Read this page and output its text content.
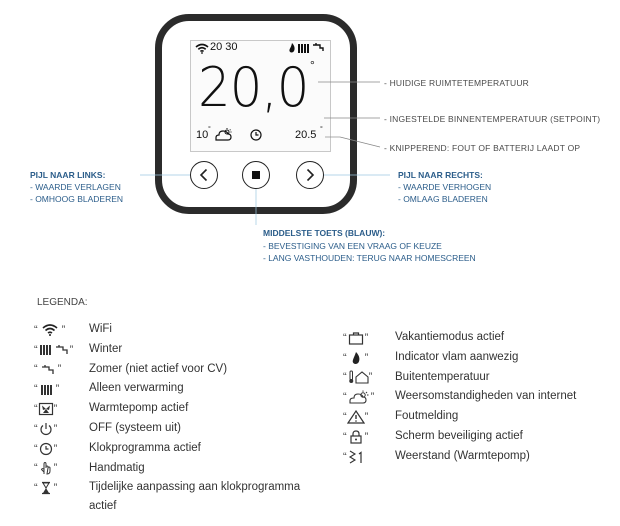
20 30
20,0 °
10 °	20.5 °
- HUIDIGE RUIMTETEMPERATUUR
- INGESTELDE BINNENTEMPERATUUR (SETPOINT)
- KNIPPEREND: FOUT OF BATTERIJ LAADT OP
PIJL NAAR LINKS:
- WAARDE VERLAGEN
- OMHOOG BLADEREN
PIJL NAAR RECHTS:
- WAARDE VERHOGEN
- OMLAAG BLADEREN
MIDDELSTE TOETS (BLAUW):
- BEVESTIGING VAN EEN VRAAG OF KEUZE
- LANG VASTHOUDEN: TERUG NAAR HOMESCREEN
LEGENDA:
“ ”
“	”
“ ”
“ ”
“ ”
“ ”
“ ”
“ ”
“ ”
WiFi
Winter
Zomer (niet actief voor CV)
Alleen verwarming
Warmtepomp actief
OFF (systeem uit)
Klokprogramma actief
Handmatig
Tijdelijke aanpassing aan klokprogramma actief
“ ”
“ ”
“ ”
“ ”
“ ”
“ ”
“
Vakantiemodus actief
Indicator vlam aanwezig
Buitentemperatuur
Weersomstandigheden van internet
Foutmelding
Scherm beveiliging actief
Weerstand (Warmtepomp)
